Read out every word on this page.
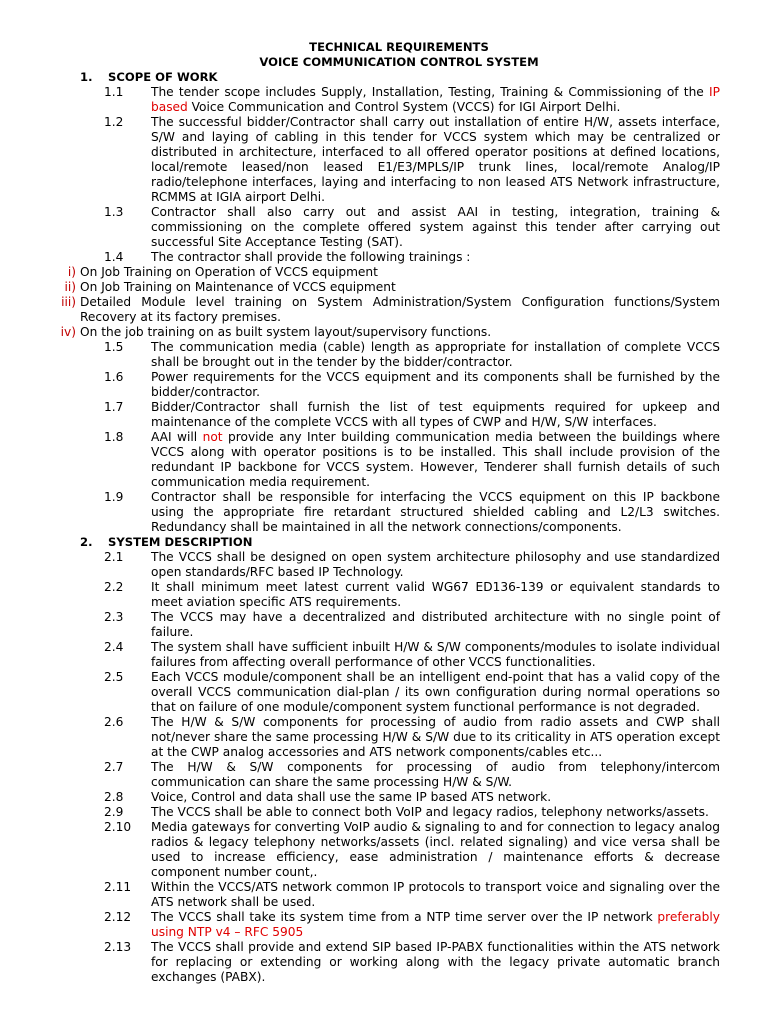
TECHNICAL REQUIREMENTS
VOICE COMMUNICATION CONTROL SYSTEM
1. SCOPE OF WORK
1.1 The tender scope includes Supply, Installation, Testing, Training & Commissioning of the IP based Voice Communication and Control System (VCCS) for IGI Airport Delhi.
1.2 The successful bidder/Contractor shall carry out installation of entire H/W, assets interface, S/W and laying of cabling in this tender for VCCS system which may be centralized or distributed in architecture, interfaced to all offered operator positions at defined locations, local/remote leased/non leased E1/E3/MPLS/IP trunk lines, local/remote Analog/IP radio/telephone interfaces, laying and interfacing to non leased ATS Network infrastructure, RCMMS at IGIA airport Delhi.
1.3 Contractor shall also carry out and assist AAI in testing, integration, training & commissioning on the complete offered system against this tender after carrying out successful Site Acceptance Testing (SAT).
1.4 The contractor shall provide the following trainings :
i) On Job Training on Operation of VCCS equipment
ii) On Job Training on Maintenance of VCCS equipment
iii) Detailed Module level training on System Administration/System Configuration functions/System Recovery at its factory premises.
iv) On the job training on as built system layout/supervisory functions.
1.5 The communication media (cable) length as appropriate for installation of complete VCCS shall be brought out in the tender by the bidder/contractor.
1.6 Power requirements for the VCCS equipment and its components shall be furnished by the bidder/contractor.
1.7 Bidder/Contractor shall furnish the list of test equipments required for upkeep and maintenance of the complete VCCS with all types of CWP and H/W, S/W interfaces.
1.8 AAI will not provide any Inter building communication media between the buildings where VCCS along with operator positions is to be installed. This shall include provision of the redundant IP backbone for VCCS system. However, Tenderer shall furnish details of such communication media requirement.
1.9 Contractor shall be responsible for interfacing the VCCS equipment on this IP backbone using the appropriate fire retardant structured shielded cabling and L2/L3 switches. Redundancy shall be maintained in all the network connections/components.
2. SYSTEM DESCRIPTION
2.1 The VCCS shall be designed on open system architecture philosophy and use standardized open standards/RFC based IP Technology.
2.2 It shall minimum meet latest current valid WG67 ED136-139 or equivalent standards to meet aviation specific ATS requirements.
2.3 The VCCS may have a decentralized and distributed architecture with no single point of failure.
2.4 The system shall have sufficient inbuilt H/W & S/W components/modules to isolate individual failures from affecting overall performance of other VCCS functionalities.
2.5 Each VCCS module/component shall be an intelligent end-point that has a valid copy of the overall VCCS communication dial-plan / its own configuration during normal operations so that on failure of one module/component system functional performance is not degraded.
2.6 The H/W & S/W components for processing of audio from radio assets and CWP shall not/never share the same processing H/W & S/W due to its criticality in ATS operation except at the CWP analog accessories and ATS network components/cables etc...
2.7 The H/W & S/W components for processing of audio from telephony/intercom communication can share the same processing H/W & S/W.
2.8 Voice, Control and data shall use the same IP based ATS network.
2.9 The VCCS shall be able to connect both VoIP and legacy radios, telephony networks/assets.
2.10 Media gateways for converting VoIP audio & signaling to and for connection to legacy analog radios & legacy telephony networks/assets (incl. related signaling) and vice versa shall be used to increase efficiency, ease administration / maintenance efforts & decrease component number count,.
2.11 Within the VCCS/ATS network common IP protocols to transport voice and signaling over the ATS network shall be used.
2.12 The VCCS shall take its system time from a NTP time server over the IP network preferably using NTP v4 – RFC 5905
2.13 The VCCS shall provide and extend SIP based IP-PABX functionalities within the ATS network for replacing or extending or working along with the legacy private automatic branch exchanges (PABX).
